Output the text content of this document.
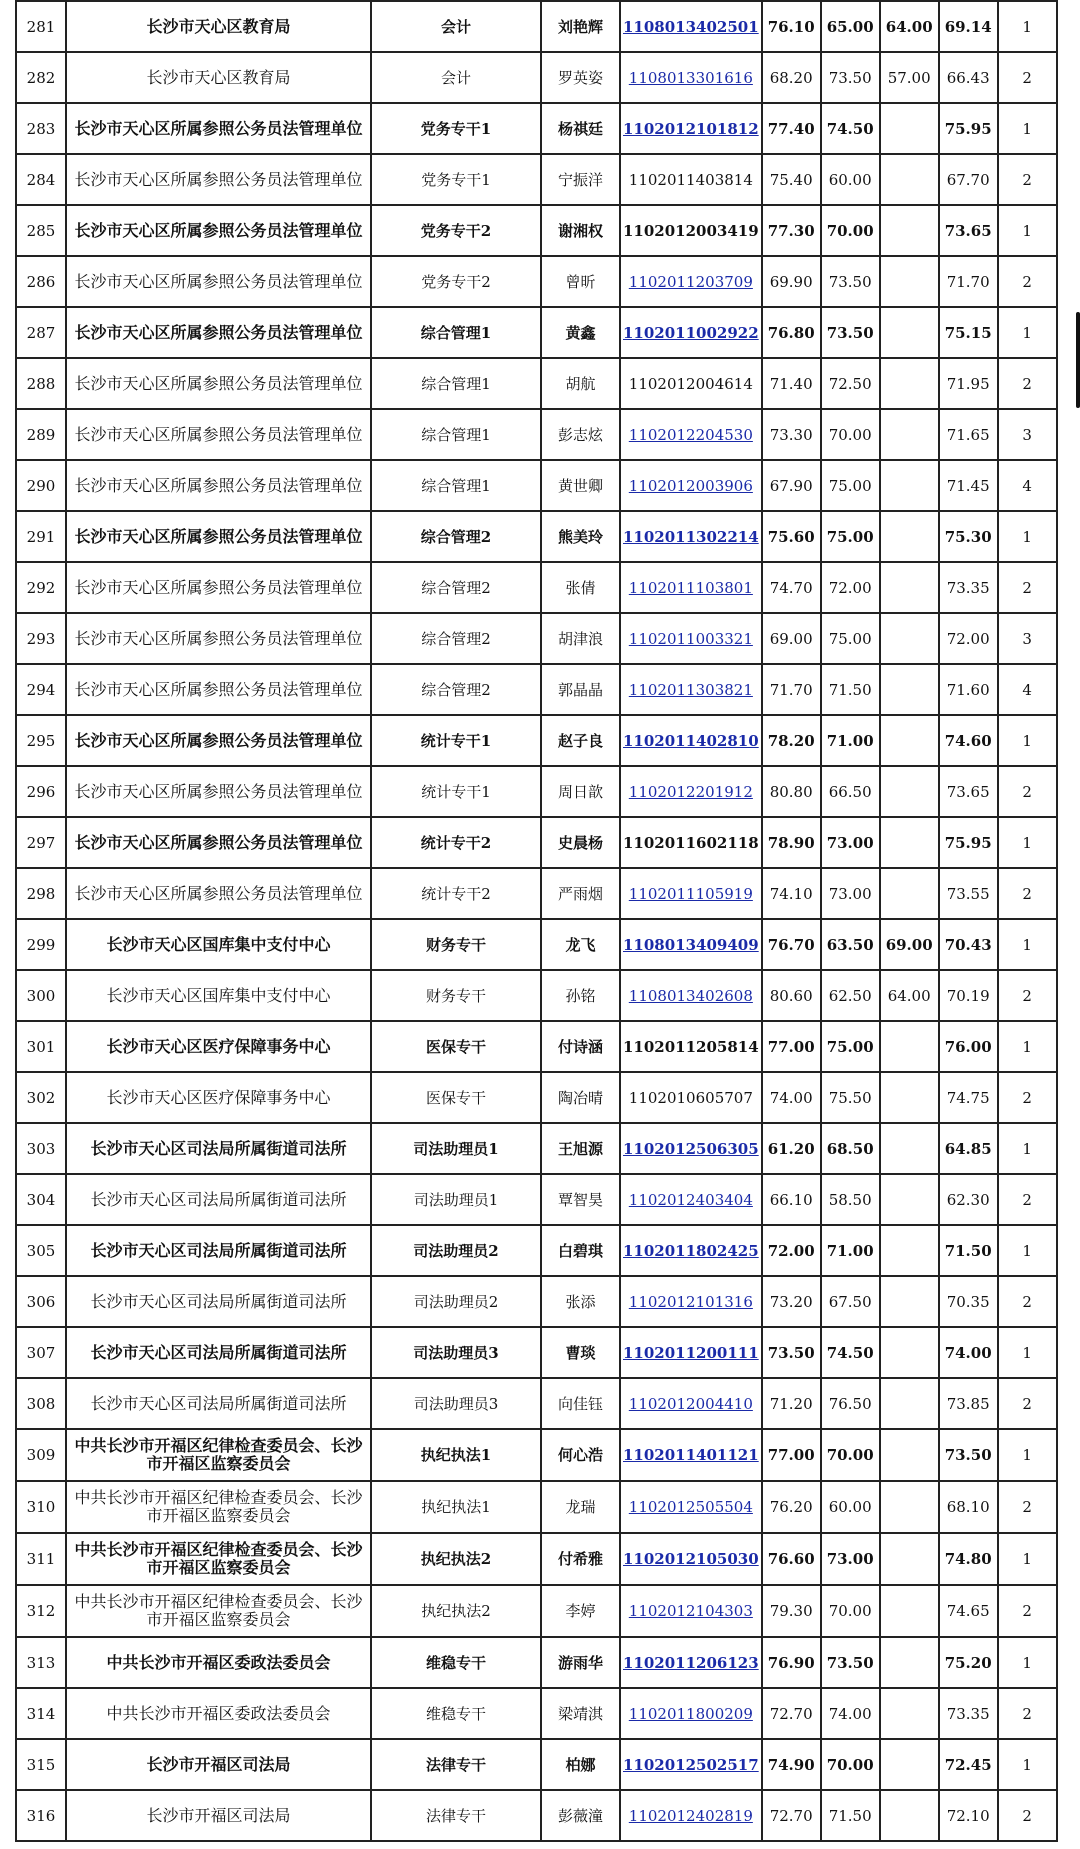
281	长沙市天心区教育局	会计	刘艳辉	1108013402501	76.10	65.00	64.00	69.14	1
282	长沙市天心区教育局	会计	罗英姿	1108013301616	68.20	73.50	57.00	66.43	2
283	长沙市天心区所属参照公务员法管理单位	党务专干1	杨祺廷	1102012101812	77.40	74.50		75.95	1
284	长沙市天心区所属参照公务员法管理单位	党务专干1	宁振洋	1102011403814	75.40	60.00		67.70	2
285	长沙市天心区所属参照公务员法管理单位	党务专干2	谢湘权	1102012003419	77.30	70.00		73.65	1
286	长沙市天心区所属参照公务员法管理单位	党务专干2	曾昕	1102011203709	69.90	73.50		71.70	2
287	长沙市天心区所属参照公务员法管理单位	综合管理1	黄鑫	1102011002922	76.80	73.50		75.15	1
288	长沙市天心区所属参照公务员法管理单位	综合管理1	胡航	1102012004614	71.40	72.50		71.95	2
289	长沙市天心区所属参照公务员法管理单位	综合管理1	彭志炫	1102012204530	73.30	70.00		71.65	3
290	长沙市天心区所属参照公务员法管理单位	综合管理1	黄世卿	1102012003906	67.90	75.00		71.45	4
291	长沙市天心区所属参照公务员法管理单位	综合管理2	熊美玲	1102011302214	75.60	75.00		75.30	1
292	长沙市天心区所属参照公务员法管理单位	综合管理2	张倩	1102011103801	74.70	72.00		73.35	2
293	长沙市天心区所属参照公务员法管理单位	综合管理2	胡津浪	1102011003321	69.00	75.00		72.00	3
294	长沙市天心区所属参照公务员法管理单位	综合管理2	郭晶晶	1102011303821	71.70	71.50		71.60	4
295	长沙市天心区所属参照公务员法管理单位	统计专干1	赵子良	1102011402810	78.20	71.00		74.60	1
296	长沙市天心区所属参照公务员法管理单位	统计专干1	周日歆	1102012201912	80.80	66.50		73.65	2
297	长沙市天心区所属参照公务员法管理单位	统计专干2	史晨杨	1102011602118	78.90	73.00		75.95	1
298	长沙市天心区所属参照公务员法管理单位	统计专干2	严雨烟	1102011105919	74.10	73.00		73.55	2
299	长沙市天心区国库集中支付中心	财务专干	龙飞	1108013409409	76.70	63.50	69.00	70.43	1
300	长沙市天心区国库集中支付中心	财务专干	孙铭	1108013402608	80.60	62.50	64.00	70.19	2
301	长沙市天心区医疗保障事务中心	医保专干	付诗涵	1102011205814	77.00	75.00		76.00	1
302	长沙市天心区医疗保障事务中心	医保专干	陶冶晴	1102010605707	74.00	75.50		74.75	2
303	长沙市天心区司法局所属街道司法所	司法助理员1	王旭源	1102012506305	61.20	68.50		64.85	1
304	长沙市天心区司法局所属街道司法所	司法助理员1	覃智昊	1102012403404	66.10	58.50		62.30	2
305	长沙市天心区司法局所属街道司法所	司法助理员2	白碧琪	1102011802425	72.00	71.00		71.50	1
306	长沙市天心区司法局所属街道司法所	司法助理员2	张添	1102012101316	73.20	67.50		70.35	2
307	长沙市天心区司法局所属街道司法所	司法助理员3	曹琰	1102011200111	73.50	74.50		74.00	1
308	长沙市天心区司法局所属街道司法所	司法助理员3	向佳钰	1102012004410	71.20	76.50		73.85	2
309	中共长沙市开福区纪律检查委员会、长沙市开福区监察委员会	执纪执法1	何心浩	1102011401121	77.00	70.00		73.50	1
310	中共长沙市开福区纪律检查委员会、长沙市开福区监察委员会	执纪执法1	龙瑞	1102012505504	76.20	60.00		68.10	2
311	中共长沙市开福区纪律检查委员会、长沙市开福区监察委员会	执纪执法2	付希雅	1102012105030	76.60	73.00		74.80	1
312	中共长沙市开福区纪律检查委员会、长沙市开福区监察委员会	执纪执法2	李婷	1102012104303	79.30	70.00		74.65	2
313	中共长沙市开福区委政法委员会	维稳专干	游雨华	1102011206123	76.90	73.50		75.20	1
314	中共长沙市开福区委政法委员会	维稳专干	梁靖淇	1102011800209	72.70	74.00		73.35	2
315	长沙市开福区司法局	法律专干	柏娜	1102012502517	74.90	70.00		72.45	1
316	长沙市开福区司法局	法律专干	彭薇潼	1102012402819	72.70	71.50		72.10	2
